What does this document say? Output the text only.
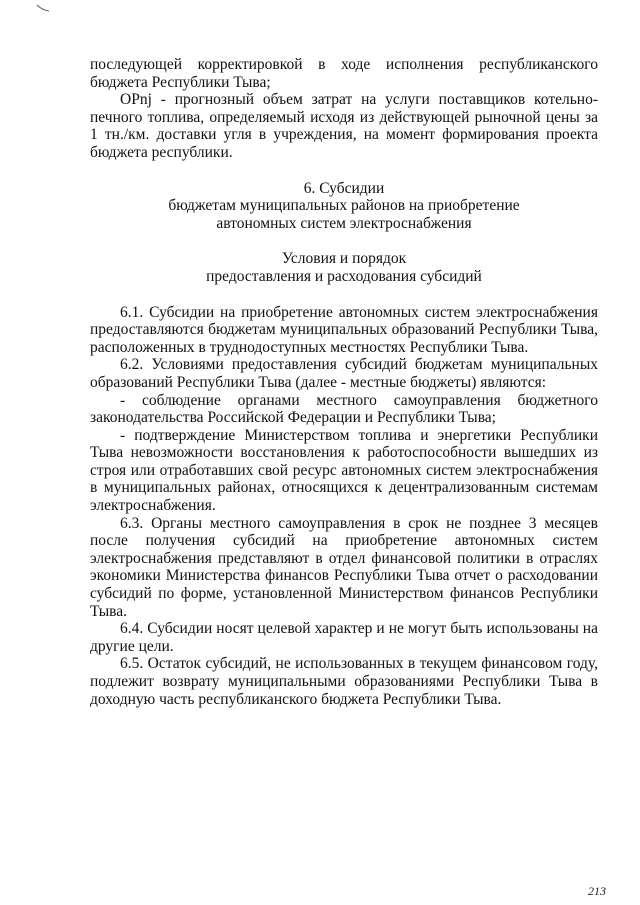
последующей корректировкой в ходе исполнения республиканского бюджета Республики Тыва;

ОPnj - прогнозный объем затрат на услуги поставщиков котельно-печного топлива, определяемый исходя из действующей рыночной цены за 1 тн./км. доставки угля в учреждения, на момент формирования проекта бюджета республики.

6. Субсидии

бюджетам муниципальных районов на приобретение

автономных систем электроснабжения

Условия и порядок

предоставления и расходования субсидий

6.1. Субсидии на приобретение автономных систем электроснабжения предоставляются бюджетам муниципальных образований Республики Тыва, расположенных в труднодоступных местностях Республики Тыва.

6.2. Условиями предоставления субсидий бюджетам муниципальных образований Республики Тыва (далее - местные бюджеты) являются:

- соблюдение органами местного самоуправления бюджетного законодательства Российской Федерации и Республики Тыва;

- подтверждение Министерством топлива и энергетики Республики Тыва невозможности восстановления к работоспособности вышедших из строя или отработавших свой ресурс автономных систем электроснабжения в муниципальных районах, относящихся к децентрализованным системам электроснабжения.

6.3. Органы местного самоуправления в срок не позднее 3 месяцев после получения субсидий на приобретение автономных систем электроснабжения представляют в отдел финансовой политики в отраслях экономики Министерства финансов Республики Тыва отчет о расходовании субсидий по форме, установленной Министерством финансов Республики Тыва.

6.4. Субсидии носят целевой характер и не могут быть использованы на другие цели.

6.5. Остаток субсидий, не использованных в текущем финансовом году, подлежит возврату муниципальными образованиями Республики Тыва в доходную часть республиканского бюджета Республики Тыва.

213
